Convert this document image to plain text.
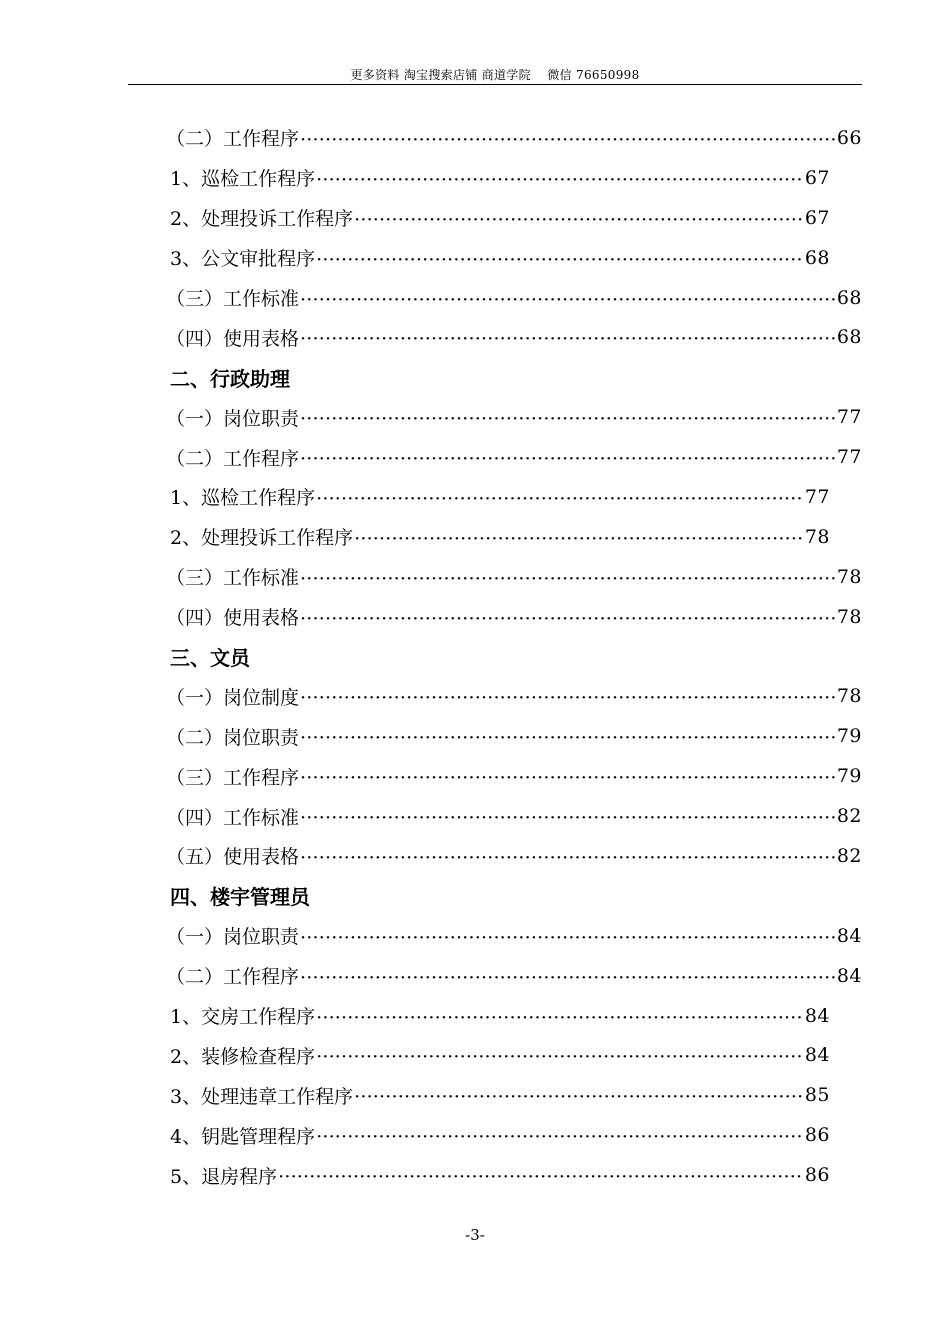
更多资料 淘宝搜索店铺 商道学院　 微信 76650998
（二）工作程序 ·····	66
1、巡检工作程序 ·····	67
2、处理投诉工作程序 ·····	67
3、公文审批程序 ·····	68
（三）工作标准 ·····	68
（四）使用表格 ·····	68
二、行政助理
（一）岗位职责 ·····	77
（二）工作程序 ·····	77
1、巡检工作程序 ·····	77
2、处理投诉工作程序 ·····	78
（三）工作标准 ·····	78
（四）使用表格 ·····	78
三、文员
（一）岗位制度 ·····	78
（二）岗位职责 ·····	79
（三）工作程序 ·····	79
（四）工作标准 ·····	82
（五）使用表格 ·····	82
四、楼宇管理员
（一）岗位职责 ·····	84
（二）工作程序 ·····	84
1、交房工作程序 ·····	84
2、装修检查程序 ·····	84
3、处理违章工作程序 ·····	85
4、钥匙管理程序 ·····	86
5、退房程序 ·····	86
-3-
